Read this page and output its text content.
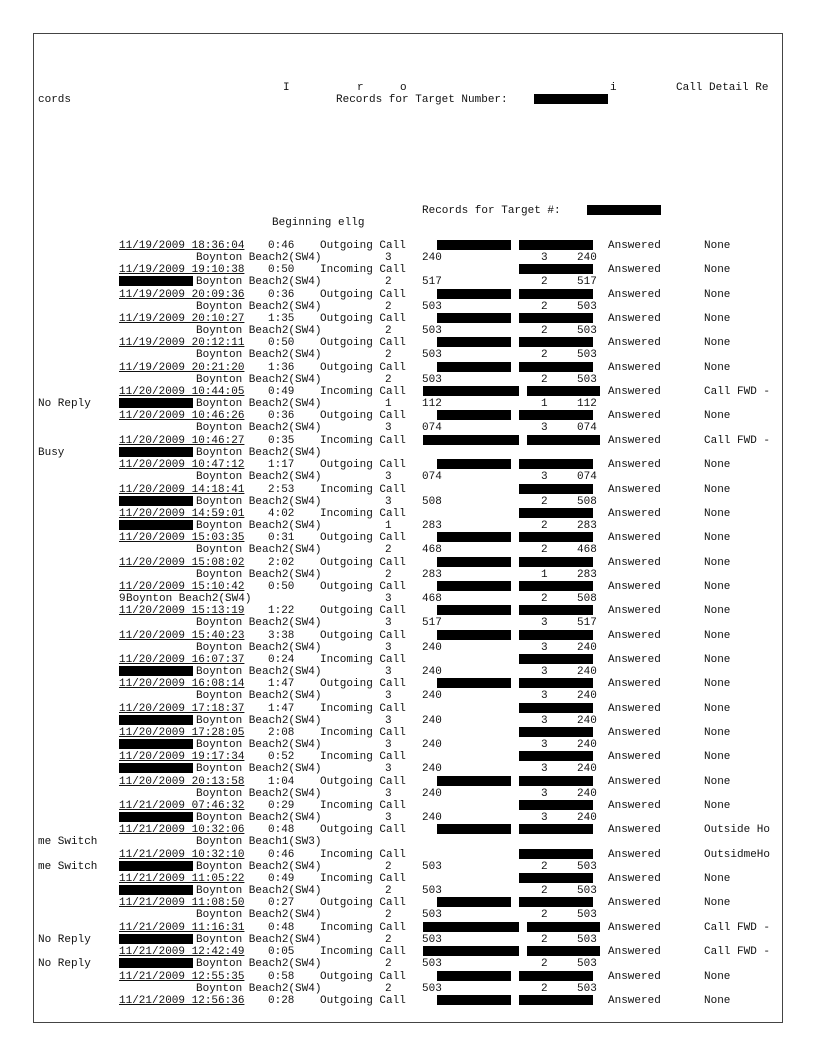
I	r	o	i	Call Detail Re
cords	Records for Target Number:
Records for Target #:
Beginning ellg
11/19/2009 18:36:04 0:46 Outgoing Call	Answered	None
Boynton Beach2(SW4)	3	240	3	240
11/19/2009 19:10:38 0:50 Incoming Call	Answered	None
Boynton Beach2(SW4)	2	517	2	517
11/19/2009 20:09:36 0:36 Outgoing Call	Answered	None
Boynton Beach2(SW4)	2	503	2	503
11/19/2009 20:10:27 1:35 Outgoing Call	Answered	None
Boynton Beach2(SW4)	2	503	2	503
11/19/2009 20:12:11 0:50 Outgoing Call	Answered	None
Boynton Beach2(SW4)	2	503	2	503
11/19/2009 20:21:20 1:36 Outgoing Call	Answered	None
Boynton Beach2(SW4)	2	503	2	503
11/20/2009 10:44:05 0:49 Incoming Call	Answered	Call FWD -
No Reply	Boynton Beach2(SW4)	1	112	1	112
11/20/2009 10:46:26 0:36 Outgoing Call	Answered	None
Boynton Beach2(SW4)	3	074	3	074
11/20/2009 10:46:27 0:35 Incoming Call	Answered	Call FWD -
Busy	Boynton Beach2(SW4)
11/20/2009 10:47:12 1:17 Outgoing Call	Answered	None
Boynton Beach2(SW4)	3	074	3	074
11/20/2009 14:18:41 2:53 Incoming Call	Answered	None
Boynton Beach2(SW4)	3	508	2	508
11/20/2009 14:59:01 4:02 Incoming Call	Answered	None
Boynton Beach2(SW4)	1	283	2	283
11/20/2009 15:03:35 0:31 Outgoing Call	Answered	None
Boynton Beach2(SW4)	2	468	2	468
11/20/2009 15:08:02 2:02 Outgoing Call	Answered	None
Boynton Beach2(SW4)	2	283	1	283
11/20/2009 15:10:42 0:50 Outgoing Call	Answered	None
9 Boynton Beach2(SW4)	3	468	2	508
11/20/2009 15:13:19 1:22 Outgoing Call	Answered	None
Boynton Beach2(SW4)	3	517	3	517
11/20/2009 15:40:23 3:38 Outgoing Call	Answered	None
Boynton Beach2(SW4)	3	240	3	240
11/20/2009 16:07:37 0:24 Incoming Call	Answered	None
Boynton Beach2(SW4)	3	240	3	240
11/20/2009 16:08:14 1:47 Outgoing Call	Answered	None
Boynton Beach2(SW4)	3	240	3	240
11/20/2009 17:18:37 1:47 Incoming Call	Answered	None
Boynton Beach2(SW4)	3	240	3	240
11/20/2009 17:28:05 2:08 Incoming Call	Answered	None
Boynton Beach2(SW4)	3	240	3	240
11/20/2009 19:17:34 0:52 Incoming Call	Answered	None
Boynton Beach2(SW4)	3	240	3	240
11/20/2009 20:13:58 1:04 Outgoing Call	Answered	None
Boynton Beach2(SW4)	3	240	3	240
11/21/2009 07:46:32 0:29 Incoming Call	Answered	None
Boynton Beach2(SW4)	3	240	3	240
11/21/2009 10:32:06 0:48 Outgoing Call	Answered	Outside Ho
me Switch	Boynton Beach1(SW3)
11/21/2009 10:32:10 0:46 Incoming Call	Answered	OutsidmeHo
me Switch	Boynton Beach2(SW4)	2	503	2	503
11/21/2009 11:05:22 0:49 Incoming Call	Answered	None
Boynton Beach2(SW4)	2	503	2	503
11/21/2009 11:08:50 0:27 Outgoing Call	Answered	None
Boynton Beach2(SW4)	2	503	2	503
11/21/2009 11:16:31 0:48 Incoming Call	Answered	Call FWD -
No Reply	Boynton Beach2(SW4)	2	503	2	503
11/21/2009 12:42:49 0:05 Incoming Call	Answered	Call FWD -
No Reply	Boynton Beach2(SW4)	2	503	2	503
11/21/2009 12:55:35 0:58 Outgoing Call	Answered	None
Boynton Beach2(SW4)	2	503	2	503
11/21/2009 12:56:36 0:28 Outgoing Call	Answered	None
